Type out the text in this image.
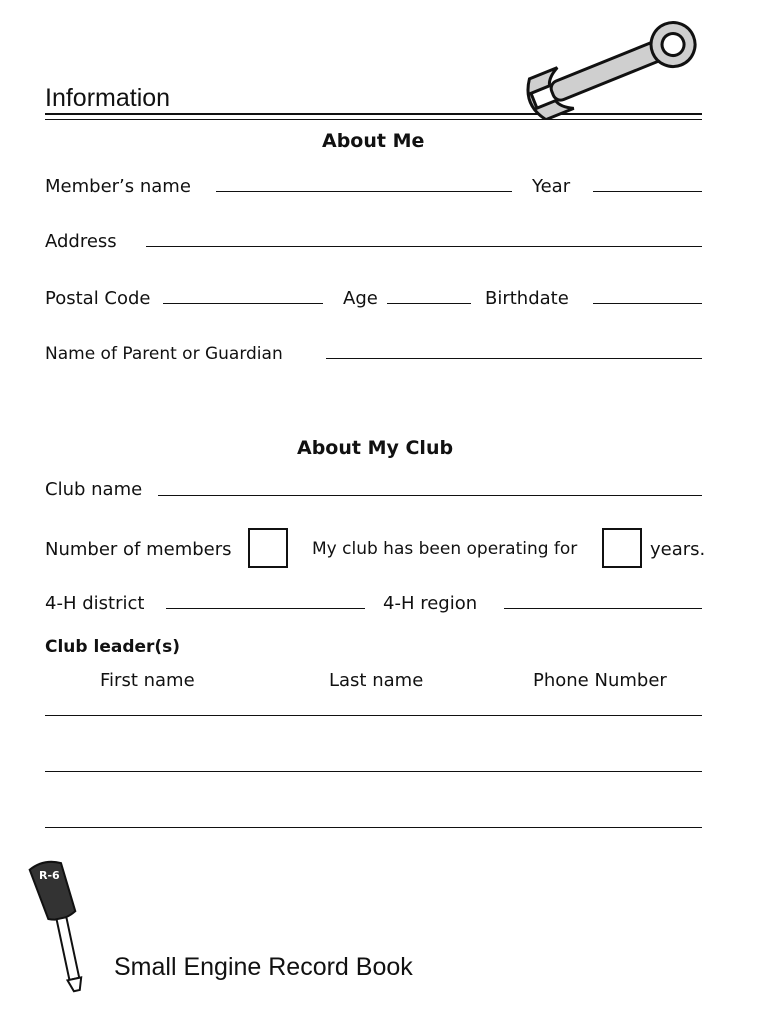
Information
About Me
Member’s name	Year
Address
Postal Code	Age	Birthdate
Name of Parent or Guardian
About My Club
Club name
Number of members	My club has been operating for	years.
4-H district	4-H region
Club leader(s)
First name	Last name	Phone Number
R-6
Small Engine Record Book
